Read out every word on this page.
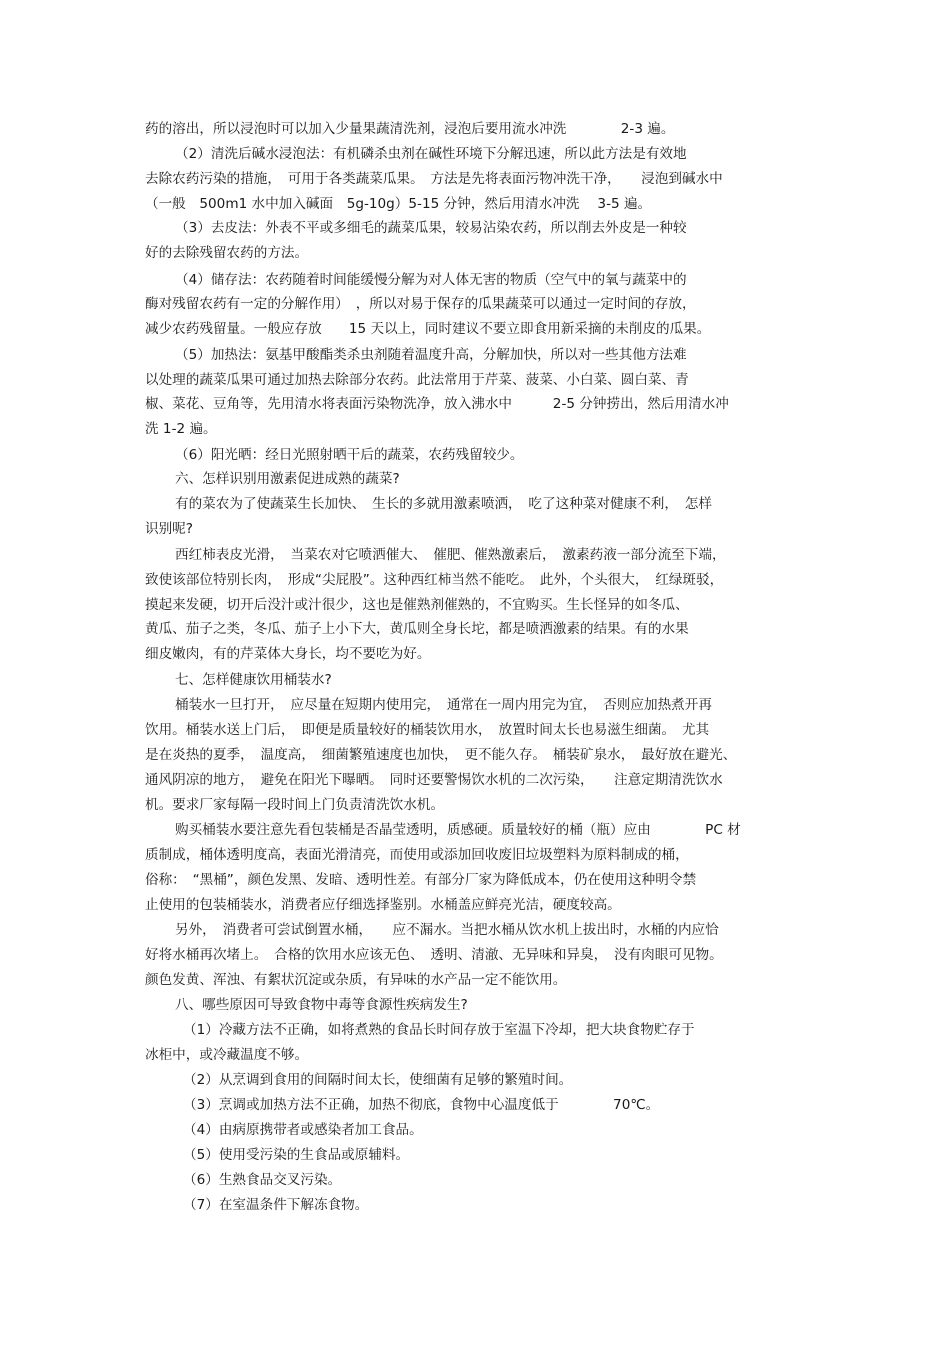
药的溶出，所以浸泡时可以加入少量果蔬清洗剂，浸泡后要用流水冲洗　　　　2-3 遍。
（2）清洗后碱水浸泡法：有机磷杀虫剂在碱性环境下分解迅速，所以此方法是有效地
去除农药污染的措施，　可用于各类蔬菜瓜果。　方法是先将表面污物冲洗干净，　　浸泡到碱水中
（一般　500m1 水中加入碱面　5g-10g）5-15 分钟，然后用清水冲洗　 3-5 遍。
（3）去皮法：外表不平或多细毛的蔬菜瓜果，较易沾染农药，所以削去外皮是一种较
好的去除残留农药的方法。
（4）储存法：农药随着时间能缓慢分解为对人体无害的物质（空气中的氧与蔬菜中的
酶对残留农药有一定的分解作用）　，所以对易于保存的瓜果蔬菜可以通过一定时间的存放，
减少农药残留量。一般应存放　　15 天以上，同时建议不要立即食用新采摘的未削皮的瓜果。
（5）加热法：氨基甲酸酯类杀虫剂随着温度升高，分解加快，所以对一些其他方法难
以处理的蔬菜瓜果可通过加热去除部分农药。此法常用于芹菜、菠菜、小白菜、圆白菜、青
椒、菜花、豆角等，先用清水将表面污染物洗净，放入沸水中　　　2-5 分钟捞出，然后用清水冲
洗 1-2 遍。
（6）阳光晒：经日光照射晒干后的蔬菜，农药残留较少。
六、怎样识别用激素促进成熟的蔬菜?
有的菜农为了使蔬菜生长加快、　生长的多就用激素喷洒，　吃了这种菜对健康不利，　怎样
识别呢?
西红柿表皮光滑，　当菜农对它喷洒催大、　催肥、催熟激素后，　激素药液一部分流至下端，
致使该部位特别长肉，　形成“尖屁股”。这种西红柿当然不能吃。　此外，个头很大，　红绿斑驳，
摸起来发硬，切开后没汁或汁很少，这也是催熟剂催熟的，不宜购买。生长怪异的如冬瓜、
黄瓜、茄子之类，冬瓜、茄子上小下大，黄瓜则全身长坨，都是喷洒激素的结果。有的水果
细皮嫩肉，有的芹菜体大身长，均不要吃为好。
七、怎样健康饮用桶装水?
桶装水一旦打开，　应尽量在短期内使用完，　通常在一周内用完为宜，　否则应加热煮开再
饮用。桶装水送上门后，　即便是质量较好的桶装饮用水，　放置时间太长也易滋生细菌。　尤其
是在炎热的夏季，　温度高，　细菌繁殖速度也加快，　更不能久存。　桶装矿泉水，　最好放在避光、
通风阴凉的地方，　避免在阳光下曝晒。　同时还要警惕饮水机的二次污染，　　注意定期清洗饮水
机。要求厂家每隔一段时间上门负责清洗饮水机。
购买桶装水要注意先看包装桶是否晶莹透明，质感硬。质量较好的桶（瓶）应由　　　　PC 材
质制成，桶体透明度高，表面光滑清亮，而使用或添加回收废旧垃圾塑料为原料制成的桶，
俗称：　“黑桶”，颜色发黑、发暗、透明性差。有部分厂家为降低成本，仍在使用这种明令禁
止使用的包装桶装水，消费者应仔细选择鉴别。水桶盖应鲜亮光洁，硬度较高。
另外，　消费者可尝试倒置水桶，　　应不漏水。当把水桶从饮水机上拔出时，水桶的内应恰
好将水桶再次堵上。　合格的饮用水应该无色、　透明、清澈、无异味和异臭，　没有肉眼可见物。
颜色发黄、浑浊、有絮状沉淀或杂质，有异味的水产品一定不能饮用。
八、哪些原因可导致食物中毒等食源性疾病发生?
（1）冷藏方法不正确，如将煮熟的食品长时间存放于室温下冷却，把大块食物贮存于
冰柜中，或冷藏温度不够。
（2）从烹调到食用的间隔时间太长，使细菌有足够的繁殖时间。
（3）烹调或加热方法不正确，加热不彻底，食物中心温度低于　　　　70℃。
（4）由病原携带者或感染者加工食品。
（5）使用受污染的生食品或原辅料。
（6）生熟食品交叉污染。
（7）在室温条件下解冻食物。
